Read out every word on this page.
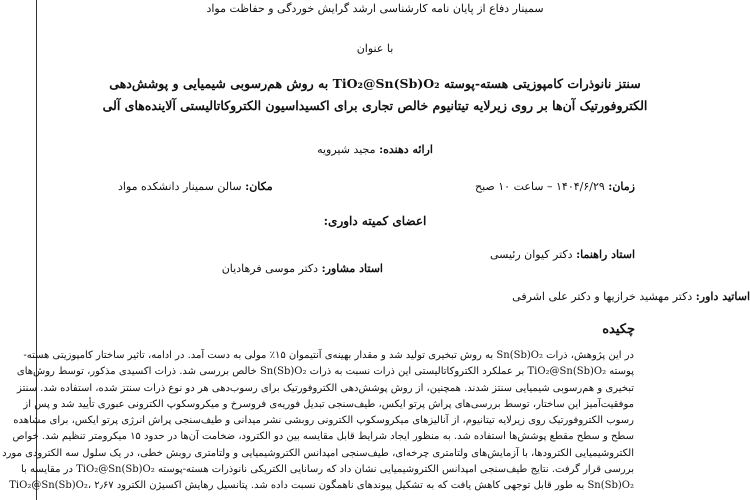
سمینار دفاع از پایان نامه کارشناسی ارشد گرایش خوردگی و حفاظت مواد
با عنوان
سنتز نانوذرات کامپوزیتی هسته-پوسته TiO₂@Sn(Sb)O₂ به روش هم‌رسوبی شیمیایی و پوشش‌دهی
الکتروفورتیک آن‌ها بر روی زیرلایه تیتانیوم خالص تجاری برای اکسیداسیون الکتروکاتالیستی آلاینده‌های آلی
ارائه دهنده: مجید شیرویه
زمان: ۱۴۰۴/۶/۲۹ – ساعت ۱۰ صبح
مکان: سالن سمینار دانشکده مواد
اعضای کمیته داوری:
استاد راهنما: دکتر کیوان رئیسی
استاد مشاور: دکتر موسی فرهادیان
اساتید داور: دکتر مهشید خرازیها و دکتر علی اشرفی
چکیده
در این پژوهش، ذرات Sn(Sb)O₂ به روش تبخیری تولید شد و مقدار بهینه‌ی آنتیموان ۱۵٪ مولی به دست آمد. در ادامه، تاثیر ساختار کامپوزیتی هسته-
پوسته TiO₂@Sn(Sb)O₂ بر عملکرد الکتروکاتالیستی این ذرات نسبت به ذرات Sn(Sb)O₂ خالص بررسی شد. ذرات اکسیدی مذکور، توسط روش‌های
تبخیری و هم‌رسوبی شیمیایی سنتز شدند. همچنین، از روش پوشش‌دهی الکتروفورتیک برای رسوب‌دهی هر دو نوع ذرات سنتز شده، استفاده شد. سنتز
موفقیت‌آمیز این ساختار، توسط بررسی‌های پراش پرتو ایکس، طیف‌سنجی تبدیل فوریه‌ی فروسرخ و میکروسکوپ الکترونی عبوری تأیید شد و پس از
رسوب الکتروفورتیک روی زیرلایه تیتانیوم، از آنالیزهای میکروسکوپ الکترونی روبشی نشر میدانی و طیف‌سنجی پراش انرژی پرتو ایکس، برای مشاهده
سطح و سطح مقطع پوشش‌ها استفاده شد. به منظور ایجاد شرایط قابل مقایسه بین دو الکترود، ضخامت آن‌ها در حدود ۱۵ میکرومتر تنظیم شد. خواص
الکتروشیمیایی الکترودها، با آزمایش‌های ولتامتری چرخه‌ای، طیف‌سنجی امپدانس الکتروشیمیایی و ولتامتری روبش خطی، در یک سلول سه الکترودی مورد
بررسی قرار گرفت. نتایج طیف‌سنجی امپدانس الکتروشیمیایی نشان داد که رسانایی الکتریکی نانوذرات هسته-پوسته TiO₂@Sn(Sb)O₂ در مقایسه با
Sn(Sb)O₂ به طور قابل توجهی کاهش یافت که به تشکیل پیوندهای ناهمگون نسبت داده شد. پتانسیل رهایش اکسیژن الکترود TiO₂@Sn(Sb)O₂، ۲٫۶۷
